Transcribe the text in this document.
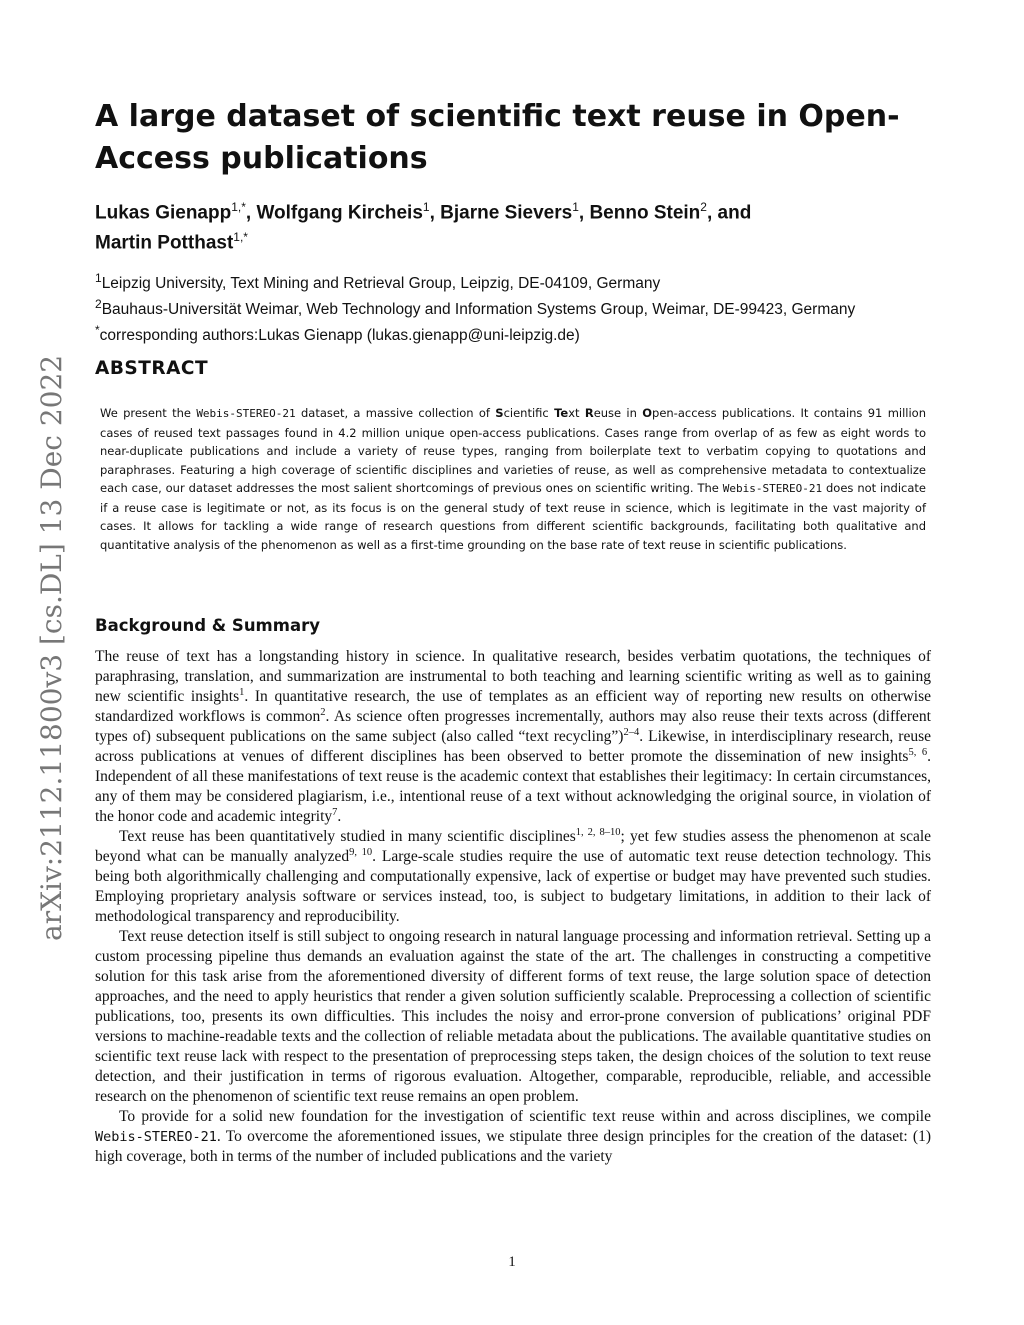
arXiv:2112.11800v3 [cs.DL] 13 Dec 2022
A large dataset of scientific text reuse in Open-Access publications
Lukas Gienapp$^{1,*}$, Wolfgang Kircheis$^1$, Bjarne Sievers$^1$, Benno Stein$^2$, and
Martin Potthast$^{1,*}$
$^1$Leipzig University, Text Mining and Retrieval Group, Leipzig, DE-04109, Germany
$^2$Bauhaus-Universität Weimar, Web Technology and Information Systems Group, Weimar, DE-99423, Germany
*corresponding authors:Lukas Gienapp (lukas.gienapp@uni-leipzig.de)
ABSTRACT

We present the Webis-STEREO-21 dataset, a massive collection of Scientific Text Reuse in Open-access publications. It contains 91 million cases of reused text passages found in 4.2 million unique open-access publications. Cases range from overlap of as few as eight words to near-duplicate publications and include a variety of reuse types, ranging from boilerplate text to verbatim copying to quotations and paraphrases. Featuring a high coverage of scientific disciplines and varieties of reuse, as well as comprehensive metadata to contextualize each case, our dataset addresses the most salient shortcomings of previous ones on scientific writing. The Webis-STEREO-21 does not indicate if a reuse case is legitimate or not, as its focus is on the general study of text reuse in science, which is legitimate in the vast majority of cases. It allows for tackling a wide range of research questions from different scientific backgrounds, facilitating both qualitative and quantitative analysis of the phenomenon as well as a first-time grounding on the base rate of text reuse in scientific publications.

Background & Summary

The reuse of text has a longstanding history in science. In qualitative research, besides verbatim quotations, the techniques of paraphrasing, translation, and summarization are instrumental to both teaching and learning scientific writing as well as to gaining new scientific insights$^1$. In quantitative research, the use of templates as an efficient way of reporting new results on otherwise standardized workflows is common$^2$. As science often progresses incrementally, authors may also reuse their texts across (different types of) subsequent publications on the same subject (also called “text recycling”)$^{2-4}$. Likewise, in interdisciplinary research, reuse across publications at venues of different disciplines has been observed to better promote the dissemination of new insights$^{5, 6}$. Independent of all these manifestations of text reuse is the academic context that establishes their legitimacy: In certain circumstances, any of them may be considered plagiarism, i.e., intentional reuse of a text without acknowledging the original source, in violation of the honor code and academic integrity$^7$.

Text reuse has been quantitatively studied in many scientific disciplines$^{1, 2, 8-10}$; yet few studies assess the phenomenon at scale beyond what can be manually analyzed$^{9, 10}$. Large-scale studies require the use of automatic text reuse detection technology. This being both algorithmically challenging and computationally expensive, lack of expertise or budget may have prevented such studies. Employing proprietary analysis software or services instead, too, is subject to budgetary limitations, in addition to their lack of methodological transparency and reproducibility.

Text reuse detection itself is still subject to ongoing research in natural language processing and information retrieval. Setting up a custom processing pipeline thus demands an evaluation against the state of the art. The challenges in constructing a competitive solution for this task arise from the aforementioned diversity of different forms of text reuse, the large solution space of detection approaches, and the need to apply heuristics that render a given solution sufficiently scalable. Preprocessing a collection of scientific publications, too, presents its own difficulties. This includes the noisy and error-prone conversion of publications’ original PDF versions to machine-readable texts and the collection of reliable metadata about the publications. The available quantitative studies on scientific text reuse lack with respect to the presentation of preprocessing steps taken, the design choices of the solution to text reuse detection, and their justification in terms of rigorous evaluation. Altogether, comparable, reproducible, reliable, and accessible research on the phenomenon of scientific text reuse remains an open problem.

To provide for a solid new foundation for the investigation of scientific text reuse within and across disciplines, we compile Webis-STEREO-21. To overcome the aforementioned issues, we stipulate three design principles for the creation of the dataset: (1) high coverage, both in terms of the number of included publications and the variety

1
